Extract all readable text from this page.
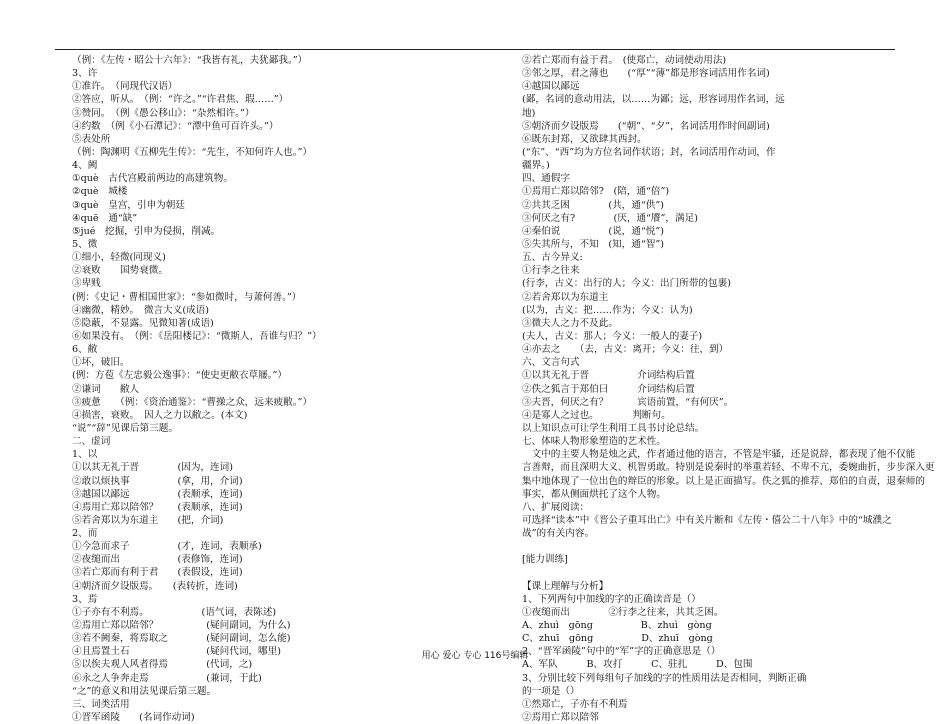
（例：《左传・昭公十六年》：“我皆有礼，夫犹鄙我。”）
3、许
①准许。　（同现代汉语）
②答应，听从。　（例：“许之。”“许君焦、瑕……”）
③赞同。　（例《愚公移山》：“杂然相许。”）
④约数　（例《小石潭记》：“潭中鱼可百许头。”）
⑤表处所
（例：陶渊明《五柳先生传》：“先生，不知何许人也。”）
4、阙
①què　古代宫殿前两边的高建筑物。
②què　城楼
③què　皇宫，引申为朝廷
④quē　通“缺”
⑤jué　挖掘，引申为侵损，削减。
5、微
①细小，轻微(同现义)
②衰败　　国势衰微。
③卑贱
(例：《史记・曹相国世家》：“参如微时，与萧何善。”）
④幽微，精妙。　微言大义(成语)
⑤隐蔽，不显露。见微知著(成语)
⑥如果没有。　（例：《岳阳楼记》：“微斯人，吾谁与归？”）
6、敝
①坏，破旧。
(例：方苞《左忠毅公逸事》：“使史更敝衣草屦。”）
②谦词　　敝人
③疲惫　　（例：《资治通鉴》：“曹操之众，远来疲敝。”）
④损害，衰败。　因人之力以敝之。(本文)
“说”“辞”见课后第三题。
二、虚词
1、以
①以其无礼于晋　　　　(因为，连词)
②敢以烦执事　　　　　(拿，用，介词)
③越国以鄙远　　　　　(表顺承，连词)
④焉用亡郑以陪邻？　　(表顺承，连词)
⑤若舍郑以为东道主　　(把，介词)
2、而
①今急而求子　　　　　(才，连词，表顺承)
②夜缒而出　　　　　　(表修饰，连词)
③若亡郑而有利于君　　(表假设，连词)
④朝济而夕设版焉。　　(表转折，连词)
3、焉
①子亦有不利焉。　　　　　　(语气词，表陈述)
②焉用亡郑以陪邻？　　　　　(疑问副词，为什么)
③若不阙秦，将焉取之　　　　(疑问副词，怎么能)
④且焉置土石　　　　　　　　(疑问代词，哪里)
⑤以俟夫观人风者得焉　　　　(代词，之)
⑥永之人争奔走焉　　　　　　(兼词，于此)
“之”的意义和用法见课后第三题。
三、词类活用
①晋军函陵　　(名词作动词)
②若亡郑而有益于君。　(使郑亡，动词使动用法)
③邻之厚，君之薄也　　(“厚”“薄”都是形容词活用作名词)
④越国以鄙远
(鄙，名词的意动用法，以……为鄙；远，形容词用作名词，远
地)
⑤朝济而夕设版焉　　(“朝”、“夕”，名词活用作时间副词)
⑥既东封郑，又欲肆其西封。
(“东”、“西”均为方位名词作状语；封，名词活用作动词，作
疆界。)
四、通假字
①焉用亡郑以陪邻?　(陪，通“倍”)
②共其乏困　　　　(共，通“供”)
③何厌之有?　　　　(厌，通“餍”，满足)
④秦伯说　　　　　(说，通“悦”)
⑤失其所与，不知　(知，通“智”)
五、古今异义:
①行李之往来
(行李，古义：出行的人；今义：出门所带的包裹)
②若舍郑以为东道主
(以为，古义：把……作为；今义：认为)
③微夫人之力不及此。
(夫人，古义：那人；今义：一般人的妻子)
④亦去之　　（去，古义：离开；今义：往，到）
六、文言句式
①以其无礼于晋　　　　　介词结构后置
②佚之狐言于郑伯曰　　　介词结构后置
③夫晋，何厌之有？　　　宾语前置，“有何厌”。
④是寡人之过也。　　　　判断句。
以上知识点可让学生利用工具书讨论总结。
七、体味人物形象塑造的艺术性。
　文中的主要人物是烛之武，作者通过他的语言，不管是牢骚，还是说辞，都表现了他不仅能
言善辩，而且深明大义、机智勇敢。特别是说秦时的举重若轻、不卑不亢，委婉曲折，步步深入更
集中地体现了一位出色的辩臣的形象。以上是正面描写。佚之狐的推荐、郑伯的自责，退秦师的
事实，都从侧面烘托了这个人物。
八、扩展阅读：
可选择“读本”中《晋公子重耳出亡》中有关片断和《左传・僖公二十八年》中的“城濮之
战”的有关内容。
[能力训练]
【课上理解与分析】
1、下列两句中加线的字的正确读音是（）
①夜缒而出　　　　②行李之往来，共其乏困。
A、zhuì　gōng　　　　　B、zhuì　gòng
C、zhuī　gōng　　　　　D、zhuī　gòng
2、“晋军函陵”句中的“军”字的正确意思是（）
A、军队　　　B、攻打　　　C、驻扎　　　D、包围
3、分别比较下列每组句子加线的字的性质用法是否相同，判断正确
的一项是（）
①然郑亡，子亦有不利焉
②焉用亡郑以陪邻
用心 爱心 专心 116号编辑
